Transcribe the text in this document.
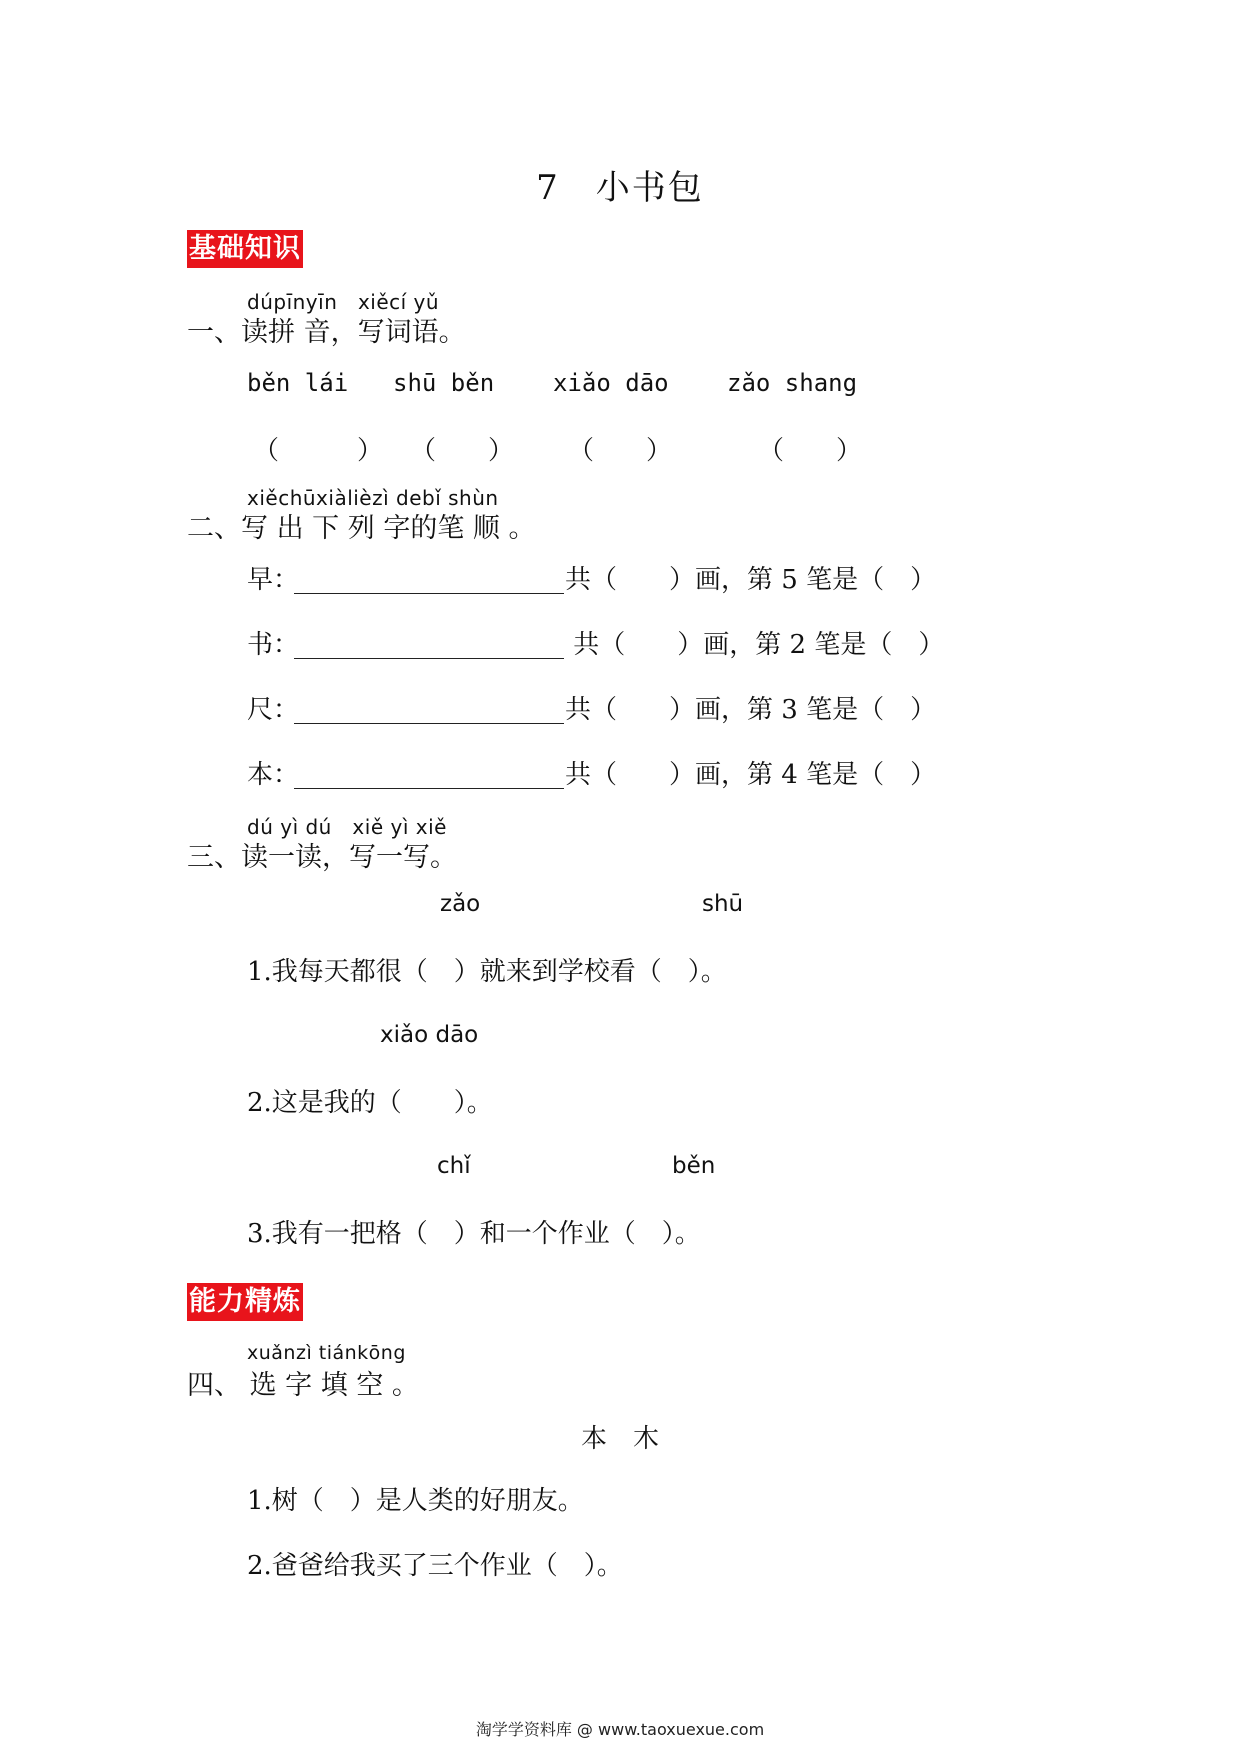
7　小书包
基础知识
dúpīnyīn   xiěcí yǔ
一、读拼 音，写词语。
běn lái shū běn xiǎo dāo zǎo shang
（　　　） （　　） （　　）	（　　）
xiěchūxiàlièzì debǐ shùn
二、写 出 下 列 字的笔 顺 。
早：	共（　　）画，第 5 笔是（　）
书：	共（　　）画，第 2 笔是（　）
尺：	共（　　）画，第 3 笔是（　）
本：	共（　　）画，第 4 笔是（　）
dú yì dú   xiě yì xiě
三、读一读，写一写。
zǎo	shū
1.我每天都很（　）就来到学校看（　）。
xiǎo dāo
2.这是我的（　　）。
chǐ	běn
3.我有一把格（　）和一个作业（　）。
能力精炼
xuǎnzì tiánkōng
四、 选 字 填 空 。
本　木
1.树（　）是人类的好朋友。
2.爸爸给我买了三个作业（　）。
淘学学资料库 @ www.taoxuexue.com
